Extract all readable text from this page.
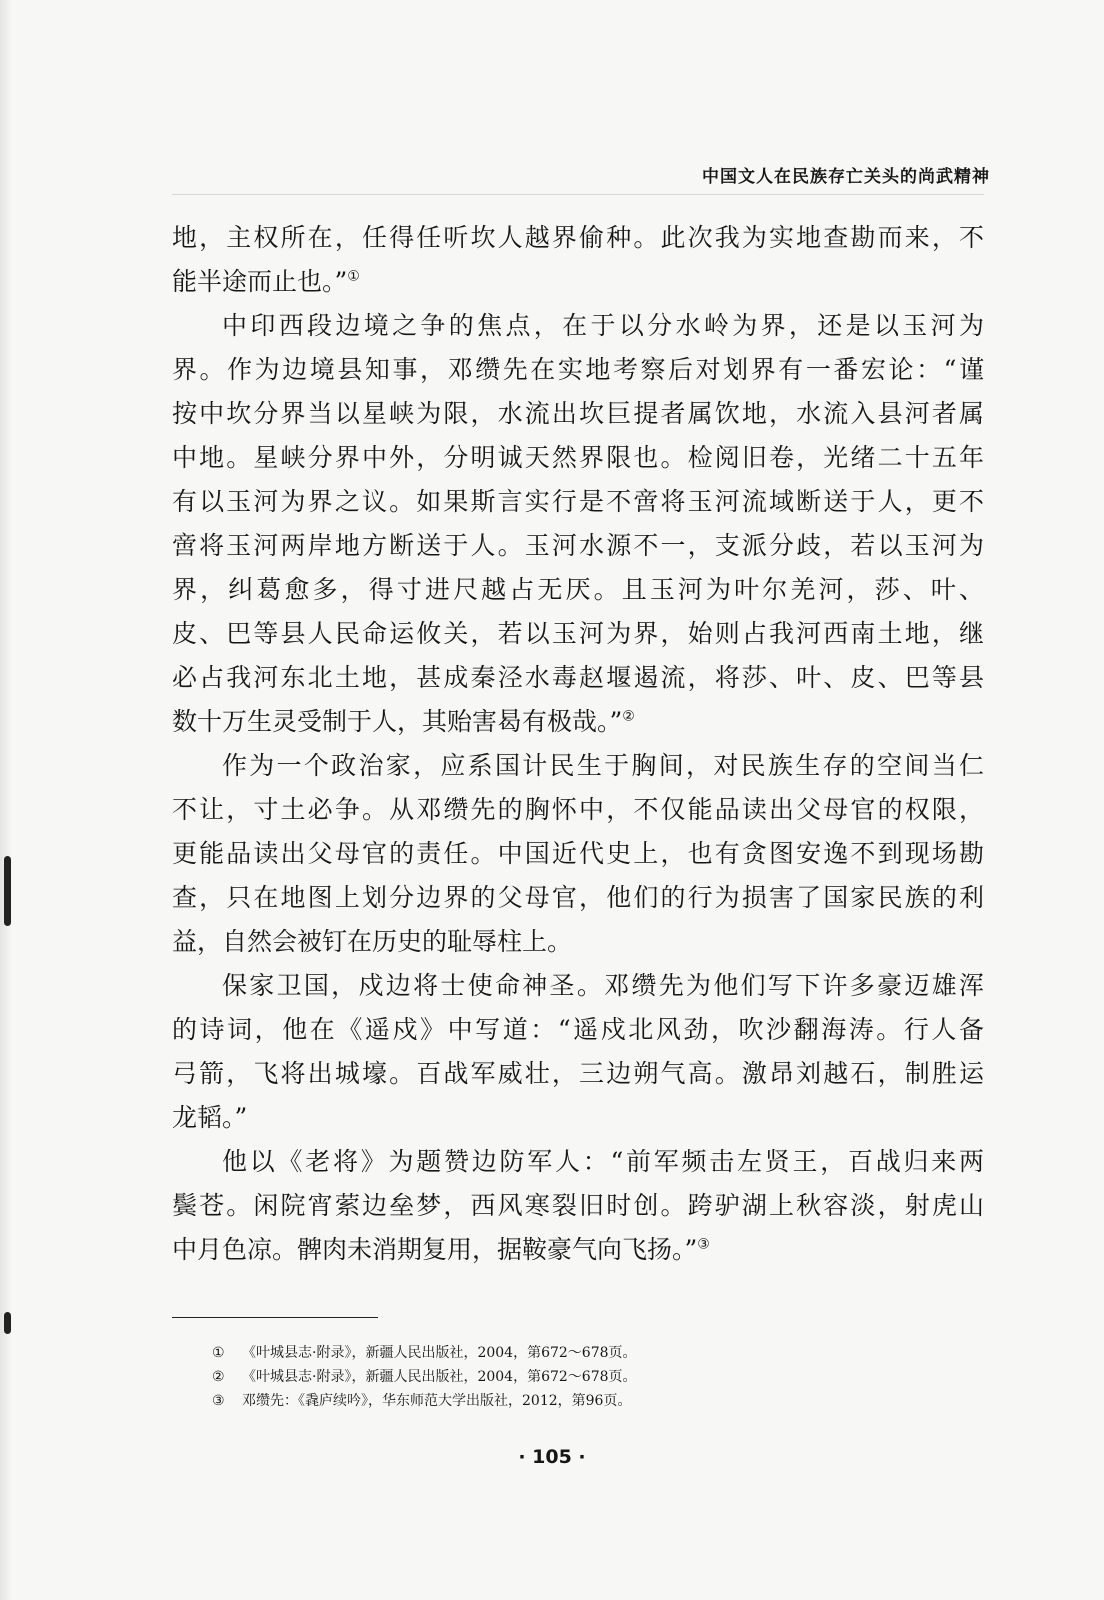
中国文人在民族存亡关头的尚武精神
地，主权所在，任得任听坎人越界偷种。此次我为实地查勘而来，不
能半途而止也。”①
中印西段边境之争的焦点，在于以分水岭为界，还是以玉河为
界。作为边境县知事，邓缵先在实地考察后对划界有一番宏论：“谨
按中坎分界当以星峡为限，水流出坎巨提者属饮地，水流入县河者属
中地。星峡分界中外，分明诚天然界限也。检阅旧卷，光绪二十五年
有以玉河为界之议。如果斯言实行是不啻将玉河流域断送于人，更不
啻将玉河两岸地方断送于人。玉河水源不一，支派分歧，若以玉河为
界，纠葛愈多，得寸进尺越占无厌。且玉河为叶尔羌河，莎、叶、
皮、巴等县人民命运攸关，若以玉河为界，始则占我河西南土地，继
必占我河东北土地，甚成秦泾水毒赵堰遏流，将莎、叶、皮、巴等县
数十万生灵受制于人，其贻害曷有极哉。”②
作为一个政治家，应系国计民生于胸间，对民族生存的空间当仁
不让，寸土必争。从邓缵先的胸怀中，不仅能品读出父母官的权限，
更能品读出父母官的责任。中国近代史上，也有贪图安逸不到现场勘
查，只在地图上划分边界的父母官，他们的行为损害了国家民族的利
益，自然会被钉在历史的耻辱柱上。
保家卫国，戍边将士使命神圣。邓缵先为他们写下许多豪迈雄浑
的诗词，他在《遥戍》中写道：“遥戍北风劲，吹沙翻海涛。行人备
弓箭，飞将出城壕。百战军威壮，三边朔气高。激昂刘越石，制胜运
龙韬。”
他以《老将》为题赞边防军人：“前军频击左贤王，百战归来两
鬓苍。闲院宵萦边垒梦，西风寒裂旧时创。跨驴湖上秋容淡，射虎山
中月色凉。髀肉未消期复用，据鞍豪气向飞扬。”③
① 《叶城县志·附录》，新疆人民出版社，2004，第672～678页。
② 《叶城县志·附录》，新疆人民出版社，2004，第672～678页。
③ 邓缵先：《毳庐续吟》，华东师范大学出版社，2012，第96页。
· 105 ·
